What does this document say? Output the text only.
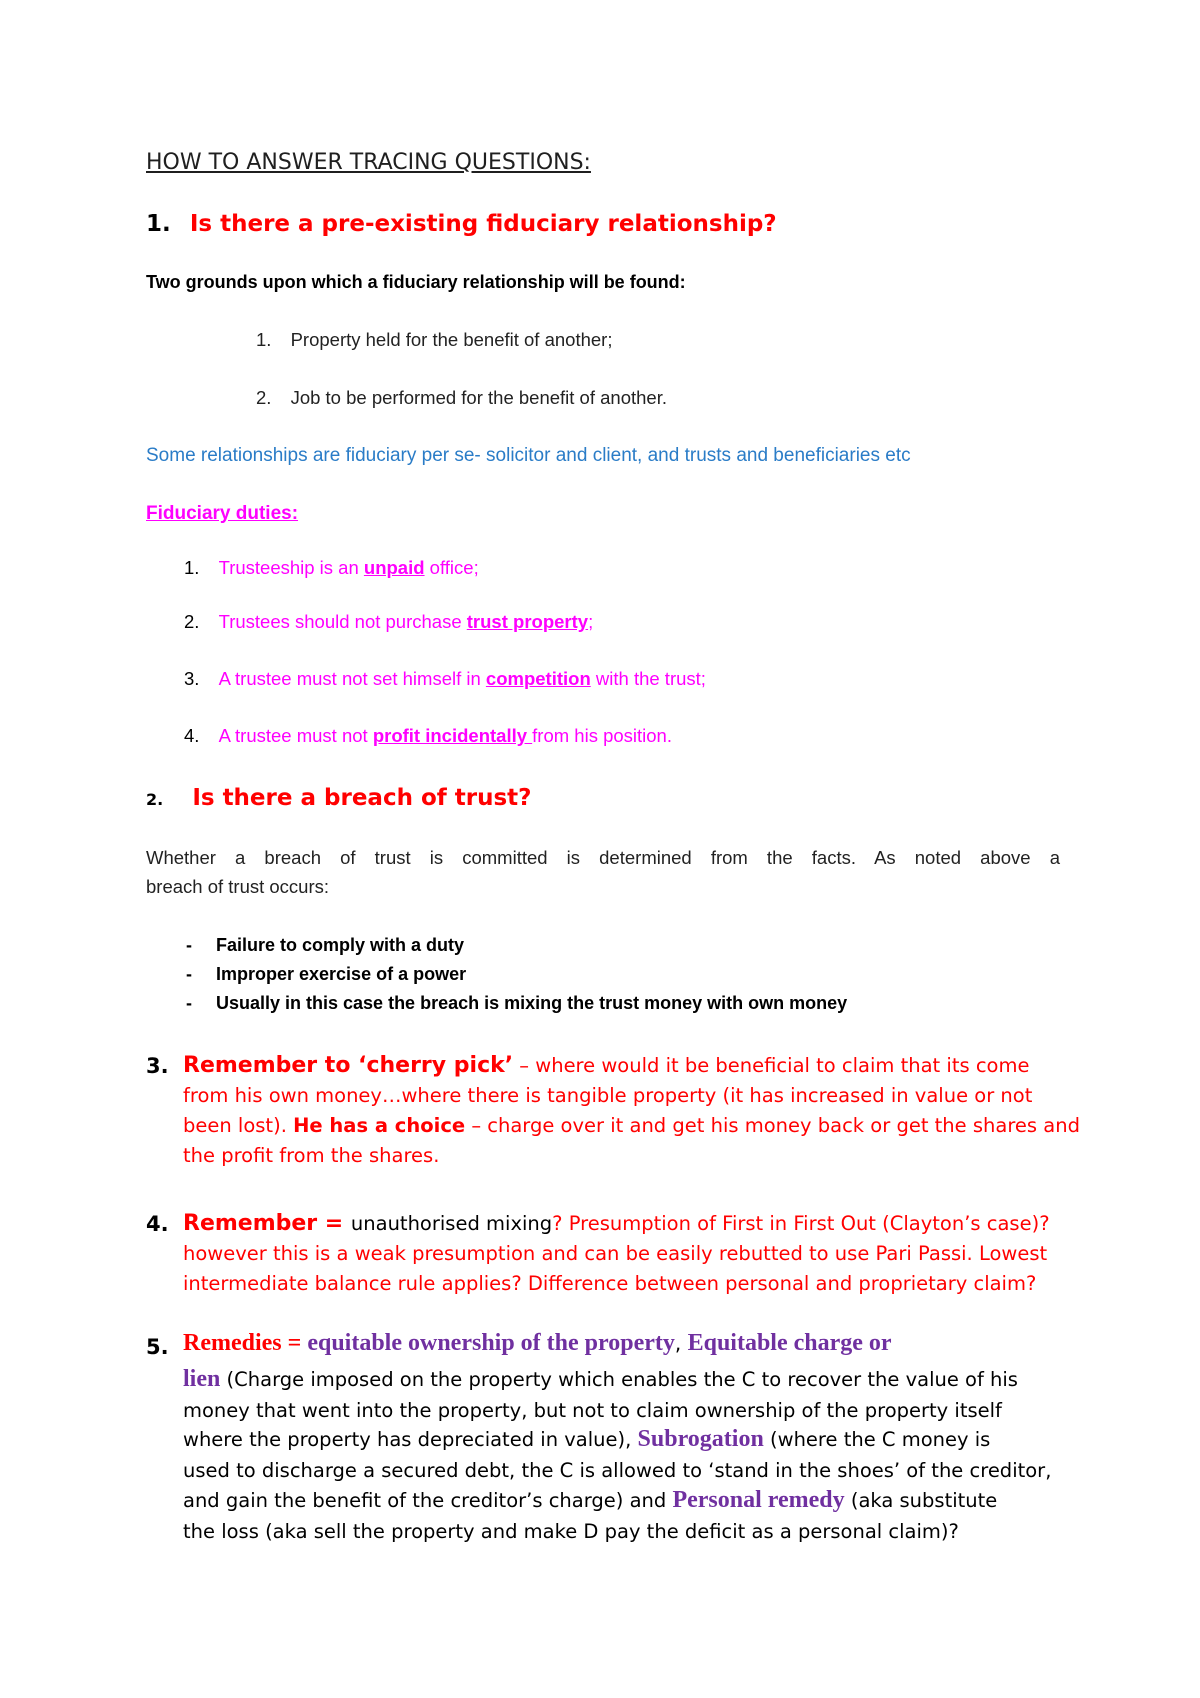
HOW TO ANSWER TRACING QUESTIONS:
1. Is there a pre-existing fiduciary relationship?
Two grounds upon which a fiduciary relationship will be found:
1. Property held for the benefit of another;
2. Job to be performed for the benefit of another.
Some relationships are fiduciary per se- solicitor and client, and trusts and beneficiaries etc
Fiduciary duties:
1. Trusteeship is an unpaid office;
2. Trustees should not purchase trust property;
3. A trustee must not set himself in competition with the trust;
4. A trustee must not profit incidentally from his position.
2. Is there a breach of trust?
Whether a breach of trust is committed is determined from the facts. As noted above a
breach of trust occurs:
- Failure to comply with a duty
- Improper exercise of a power
- Usually in this case the breach is mixing the trust money with own money
3. Remember to ‘cherry pick’ – where would it be beneficial to claim that its come
from his own money…where there is tangible property (it has increased in value or not
been lost). He has a choice – charge over it and get his money back or get the shares and
the profit from the shares.
4. Remember = unauthorised mixing? Presumption of First in First Out (Clayton’s case)?
however this is a weak presumption and can be easily rebutted to use Pari Passi. Lowest
intermediate balance rule applies? Difference between personal and proprietary claim?
5. Remedies = equitable ownership of the property, Equitable charge or
lien (Charge imposed on the property which enables the C to recover the value of his
money that went into the property, but not to claim ownership of the property itself
where the property has depreciated in value), Subrogation (where the C money is
used to discharge a secured debt, the C is allowed to ‘stand in the shoes’ of the creditor,
and gain the benefit of the creditor’s charge) and Personal remedy (aka substitute
the loss (aka sell the property and make D pay the deficit as a personal claim)?
